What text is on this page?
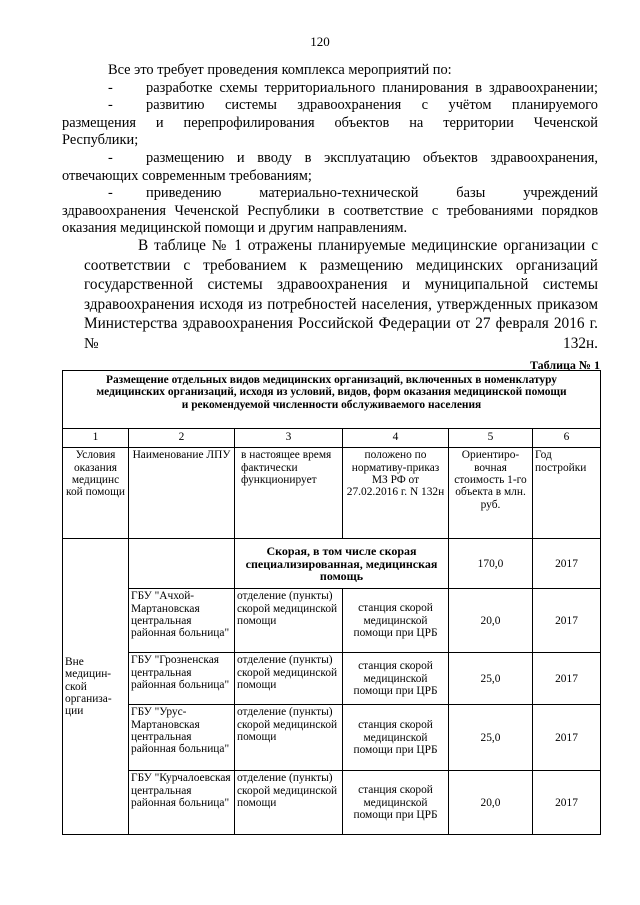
120
Все это требует проведения комплекса мероприятий по:
- разработке схемы территориального планирования в здравоохранении;
- развитию системы здравоохранения с учётом планируемого
размещения и перепрофилирования объектов на территории Чеченской
Республики;
- размещению и вводу в эксплуатацию объектов здравоохранения,
отвечающих современным требованиям;
- приведению материально-технической базы учреждений
здравоохранения Чеченской Республики в соответствие с требованиями порядков
оказания медицинской помощи и другим направлениям.
В таблице № 1 отражены планируемые медицинские организации с
соответствии с требованием к размещению медицинских организаций
государственной системы здравоохранения и муниципальной системы
здравоохранения исходя из потребностей населения, утвержденных приказом
Министерства здравоохранения Российской Федерации от 27 февраля 2016 г.№ 132н.
Таблица № 1
Размещение отдельных видов медицинских организаций, включенных в номенклатуру
медицинских организаций, исходя из условий, видов, форм оказания медицинской помощи
и рекомендуемой численности обслуживаемого населения					

1	2	3	4	5	6
Условия оказания медицинс кой помощи	Наименование ЛПУ	в настоящее время фактически функционирует	положено по нормативу-приказ МЗ РФ от 27.02.2016 г. N 132н	Ориентиро-вочная стоимость 1-го объекта в млн. руб.	Год постройки
Вне медицин-ской организа-ции		Скорая, в том числе скорая специализированная, медицинская помощь		170,0	2017
	ГБУ "Ачхой-Мартановская центральная районная больница"	отделение (пункты) скорой медицинской помощи	станция скорой медицинской помощи при ЦРБ	20,0	2017
	ГБУ "Грозненская центральная районная больница"	отделение (пункты) скорой медицинской помощи	станция скорой медицинской помощи при ЦРБ	25,0	2017
	ГБУ "Урус-Мартановская центральная районная больница"	отделение (пункты) скорой медицинской помощи	станция скорой медицинской помощи при ЦРБ	25,0	2017
	ГБУ "Курчалоевская центральная районная больница"	отделение (пункты) скорой медицинской помощи	станция скорой медицинской помощи при ЦРБ	20,0	2017
